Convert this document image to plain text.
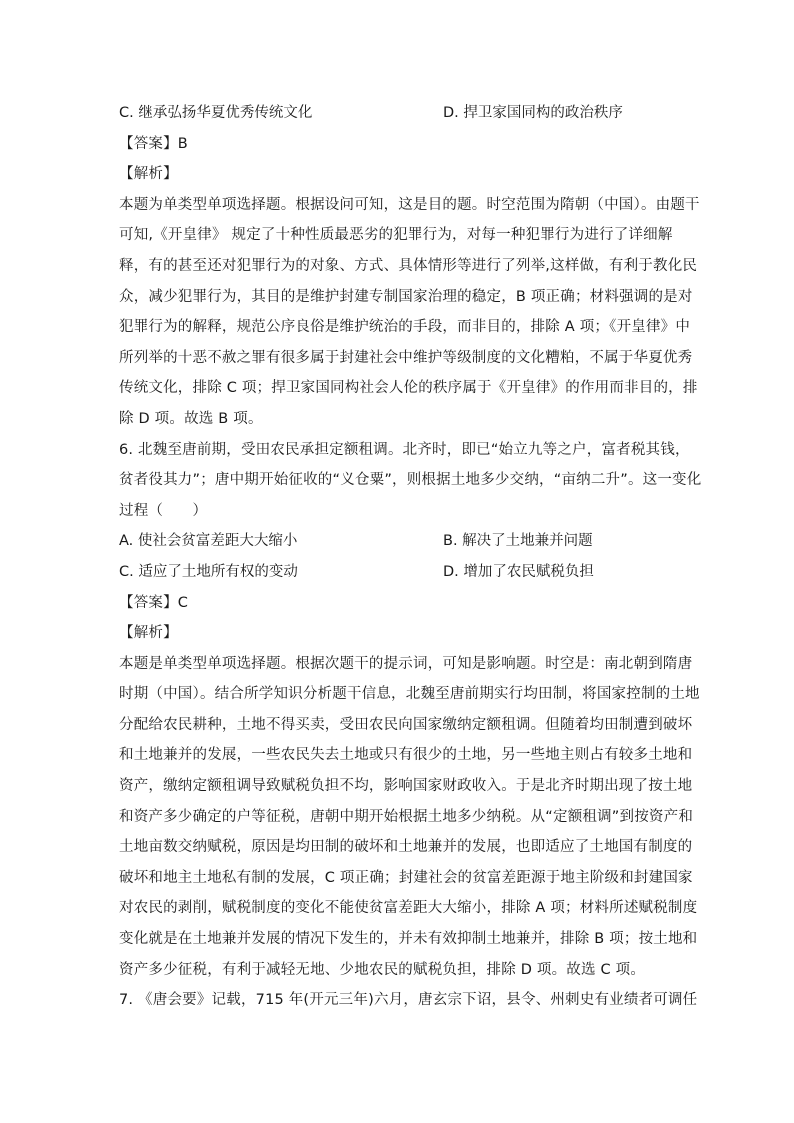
C. 继承弘扬华夏优秀传统文化	D. 捍卫家国同构的政治秩序
【答案】B
【解析】
本题为单类型单项选择题。根据设问可知，这是目的题。时空范围为隋朝（中国）。由题干
可知,《开皇律》 规定了十种性质最恶劣的犯罪行为，对每一种犯罪行为进行了详细解
释，有的甚至还对犯罪行为的对象、方式、具体情形等进行了列举,这样做，有利于教化民
众，减少犯罪行为，其目的是维护封建专制国家治理的稳定，B 项正确；材料强调的是对
犯罪行为的解释，规范公序良俗是维护统治的手段，而非目的，排除 A 项；《开皇律》中
所列举的十恶不赦之罪有很多属于封建社会中维护等级制度的文化糟粕，不属于华夏优秀
传统文化，排除 C 项；捍卫家国同构社会人伦的秩序属于《开皇律》的作用而非目的，排
除 D 项。故选 B 项。
6. 北魏至唐前期，受田农民承担定额租调。北齐时，即已“始立九等之户，富者税其钱，
贫者役其力”；唐中期开始征收的“义仓粟”，则根据土地多少交纳，“亩纳二升”。这一变化
过程（　　）
A. 使社会贫富差距大大缩小	B. 解决了土地兼并问题
C. 适应了土地所有权的变动	D. 增加了农民赋税负担
【答案】C
【解析】
本题是单类型单项选择题。根据次题干的提示词，可知是影响题。时空是：南北朝到隋唐
时期（中国）。结合所学知识分析题干信息，北魏至唐前期实行均田制，将国家控制的土地
分配给农民耕种，土地不得买卖，受田农民向国家缴纳定额租调。但随着均田制遭到破坏
和土地兼并的发展，一些农民失去土地或只有很少的土地，另一些地主则占有较多土地和
资产，缴纳定额租调导致赋税负担不均，影响国家财政收入。于是北齐时期出现了按土地
和资产多少确定的户等征税，唐朝中期开始根据土地多少纳税。从“定额租调”到按资产和
土地亩数交纳赋税，原因是均田制的破坏和土地兼并的发展，也即适应了土地国有制度的
破坏和地主土地私有制的发展，C 项正确；封建社会的贫富差距源于地主阶级和封建国家
对农民的剥削，赋税制度的变化不能使贫富差距大大缩小，排除 A 项；材料所述赋税制度
变化就是在土地兼并发展的情况下发生的，并未有效抑制土地兼并，排除 B 项；按土地和
资产多少征税，有利于减轻无地、少地农民的赋税负担，排除 D 项。故选 C 项。
7. 《唐会要》记载，715 年(开元三年)六月，唐玄宗下诏，县令、州刺史有业绩者可调任
